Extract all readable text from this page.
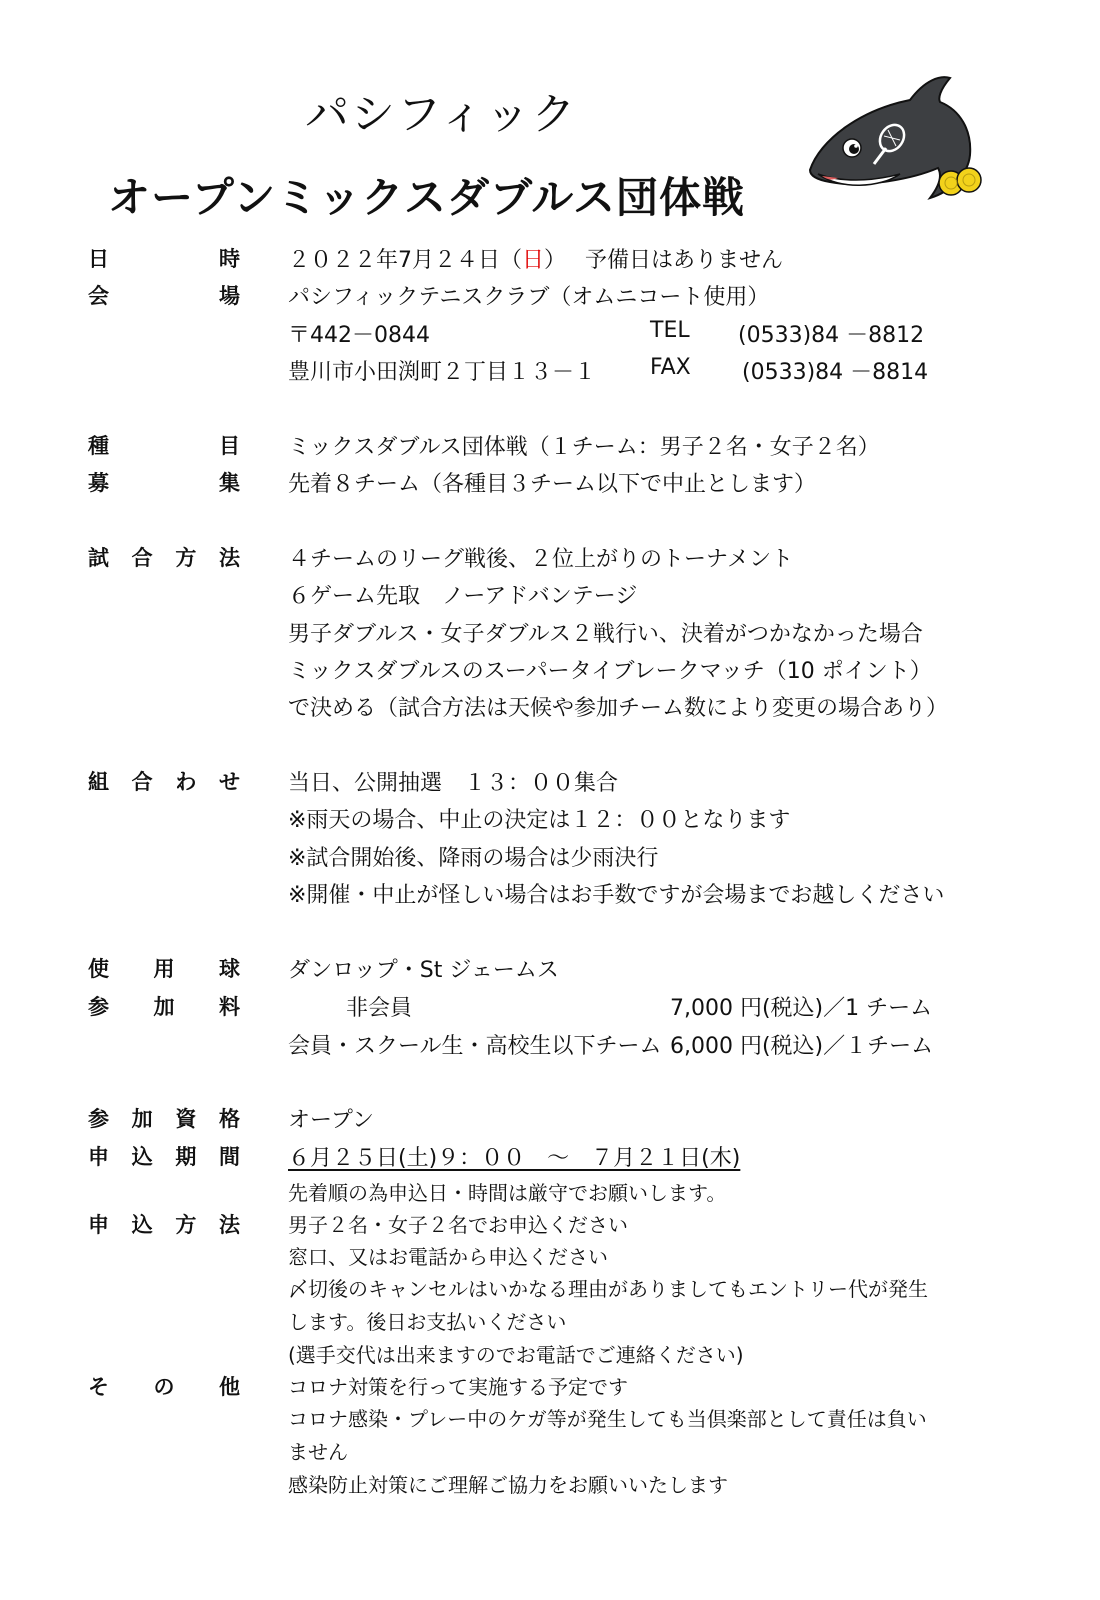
パシフィック
オープンミックスダブルス団体戦
日	時 ２０２２年7月２４日（日） 予備日はありません
会	場 パシフィックテニスクラブ（オムニコート使用）
〒442－0844	TEL (0533)84 －8812
豊川市小田渕町２丁目１３－１ FAX (0533)84 －8814
種	目 ミックスダブルス団体戦（１チーム：男子２名・女子２名）
募	集 先着８チーム（各種目３チーム以下で中止とします）
試 合 方 法 ４チームのリーグ戦後、２位上がりのトーナメント
６ゲーム先取　ノーアドバンテージ
男子ダブルス・女子ダブルス２戦行い、決着がつかなかった場合
ミックスダブルスのスーパータイブレークマッチ（10 ポイント）
で決める（試合方法は天候や参加チーム数により変更の場合あり）
組 合 わ せ 当日、公開抽選　１３：００集合
※雨天の場合、中止の決定は１２：００となります
※試合開始後、降雨の場合は少雨決行
※開催・中止が怪しい場合はお手数ですが会場までお越しください
使 用 球 ダンロップ・St ジェームス
参 加 料	非会員	7,000 円(税込)／1 チーム
会員・スクール生・高校生以下チーム 6,000 円(税込)／１チーム
参 加 資 格 オープン
申 込 期 間 ６月２５日(土)９：００　～　７月２１日(木)
先着順の為申込日・時間は厳守でお願いします。
申 込 方 法 男子２名・女子２名でお申込ください
窓口、又はお電話から申込ください
〆切後のキャンセルはいかなる理由がありましてもエントリー代が発生
します。後日お支払いください
(選手交代は出来ますのでお電話でご連絡ください)
そ の 他 コロナ対策を行って実施する予定です
コロナ感染・プレー中のケガ等が発生しても当倶楽部として責任は負い
ません
感染防止対策にご理解ご協力をお願いいたします
